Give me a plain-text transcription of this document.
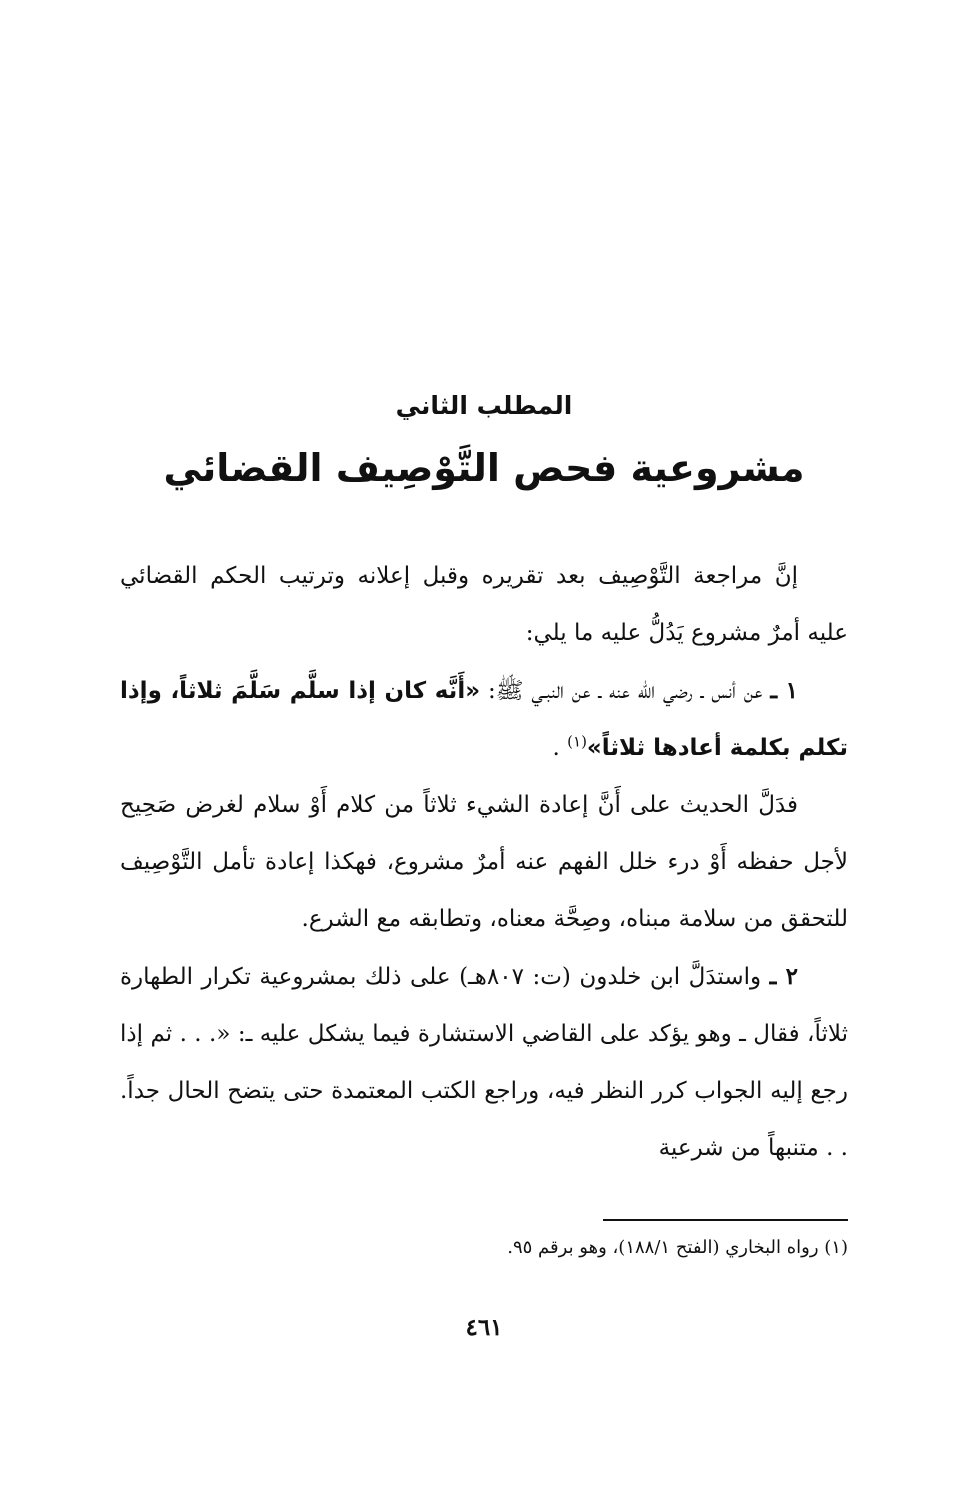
المطلب الثاني
مشروعية فحص التَّوْصِيف القضائي

إنَّ مراجعة التَّوْصِيف بعد تقريره وقبل إعلانه وترتيب الحكم القضائي عليه أمرٌ مشروع يَدُلُّ عليه ما يلي:

١ ـ عن أنس ـ رضي الله عنه ـ عن النبـي ﷺ: «أَنَّه كان إذا سلَّم سَلَّمَ ثلاثاً، وإذا تكلم بكلمة أعادها ثلاثاً»$^{(١)}$ .

فدَلَّ الحديث على أَنَّ إعادة الشيء ثلاثاً من كلام أَوْ سلام لغرض صَحِيح لأجل حفظه أَوْ درء خلل الفهم عنه أمرٌ مشروع، فهكذا إعادة تأمل التَّوْصِيف للتحقق من سلامة مبناه، وصِحَّة معناه، وتطابقه مع الشرع.

٢ ـ واستدَلَّ ابن خلدون (ت: ٨٠٧هـ) على ذلك بمشروعية تكرار الطهارة ثلاثاً، فقال ـ وهو يؤكد على القاضي الاستشارة فيما يشكل عليه ـ: «. . . ثم إذا رجع إليه الجواب كرر النظر فيه، وراجع الكتب المعتمدة حتى يتضح الحال جداً. . . متنبهاً من شرعية

(١) رواه البخاري (الفتح ١٨٨/١)، وهو برقم ٩٥.
٤٦١
